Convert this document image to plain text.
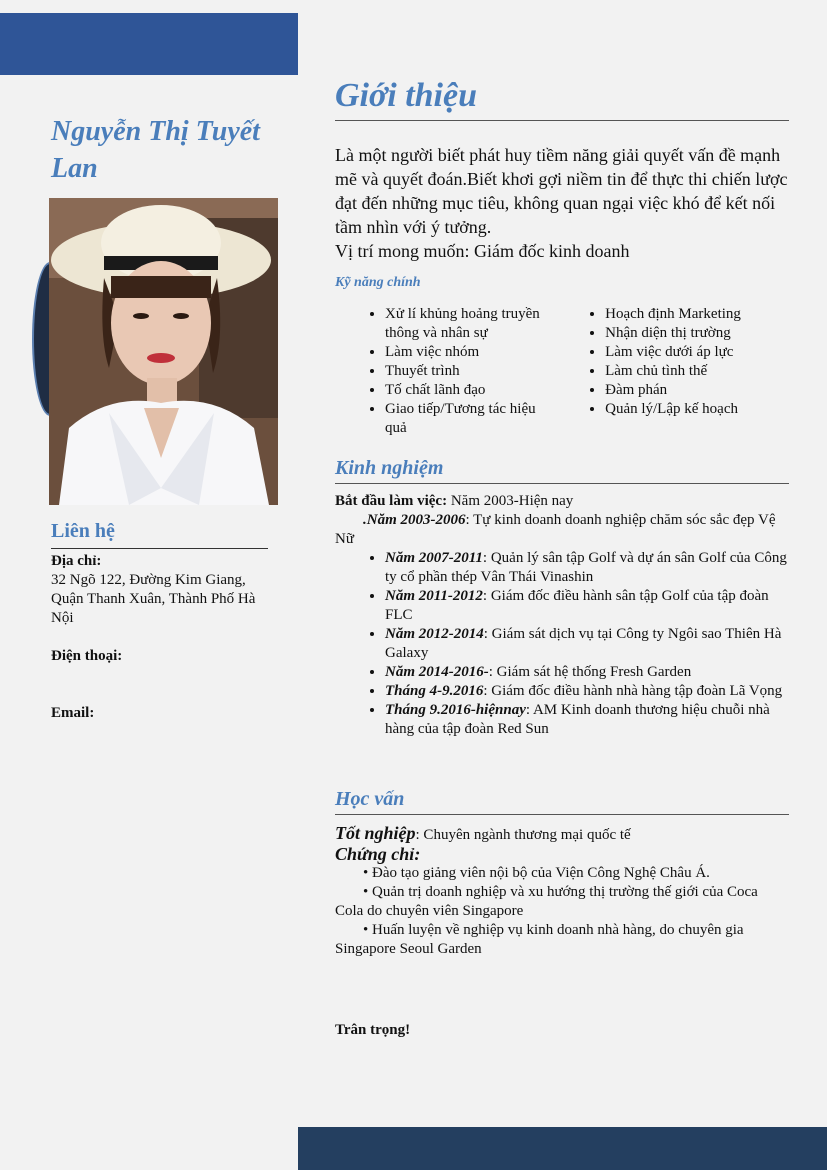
Nguyễn Thị Tuyết Lan
Liên hệ
Địa chỉ:
32 Ngõ 122, Đường Kim Giang, Quận Thanh Xuân, Thành Phố Hà Nội
Điện thoại:
Email:
Giới thiệu
Là một người biết phát huy tiềm năng giải quyết vấn đề mạnh mẽ và quyết đoán.Biết khơi gợi niềm tin để thực thi chiến lược đạt đến những mục tiêu, không quan ngại việc khó để kết nối tầm nhìn với ý tưởng.
Vị trí mong muốn: Giám đốc kinh doanh
Kỹ năng chính
• Xử lí khủng hoảng truyền thông và nhân sự
• Làm việc nhóm
• Thuyết trình
• Tố chất lãnh đạo
• Giao tiếp/Tương tác hiệu quả
• Hoạch định Marketing
• Nhận diện thị trường
• Làm việc dưới áp lực
• Làm chủ tình thế
• Đàm phán
• Quản lý/Lập kế hoạch
Kinh nghiệm
Bắt đầu làm việc: Năm 2003-Hiện nay
.Năm 2003-2006: Tự kinh doanh doanh nghiệp chăm sóc sắc đẹp Vệ Nữ
• Năm 2007-2011: Quản lý sân tập Golf và dự án sân Golf của Công ty cổ phần thép Vân Thái Vinashin
• Năm 2011-2012: Giám đốc điều hành sân tập Golf của tập đoàn FLC
• Năm 2012-2014: Giám sát dịch vụ tại Công ty Ngôi sao Thiên Hà Galaxy
• Năm 2014-2016-: Giám sát hệ thống Fresh Garden
• Tháng 4-9.2016: Giám đốc điều hành nhà hàng tập đoàn Lã Vọng
• Tháng 9.2016-hiệnnay: AM Kinh doanh thương hiệu chuỗi nhà hàng của tập đoàn Red Sun
Học vấn
Tốt nghiệp: Chuyên ngành thương mại quốc tế
Chứng chỉ:
• Đào tạo giảng viên nội bộ của Viện Công Nghệ Châu Á.
• Quản trị doanh nghiệp và xu hướng thị trường thế giới của Coca Cola do chuyên viên Singapore
• Huấn luyện về nghiệp vụ kinh doanh nhà hàng, do chuyên gia Singapore Seoul Garden
Trân trọng!
